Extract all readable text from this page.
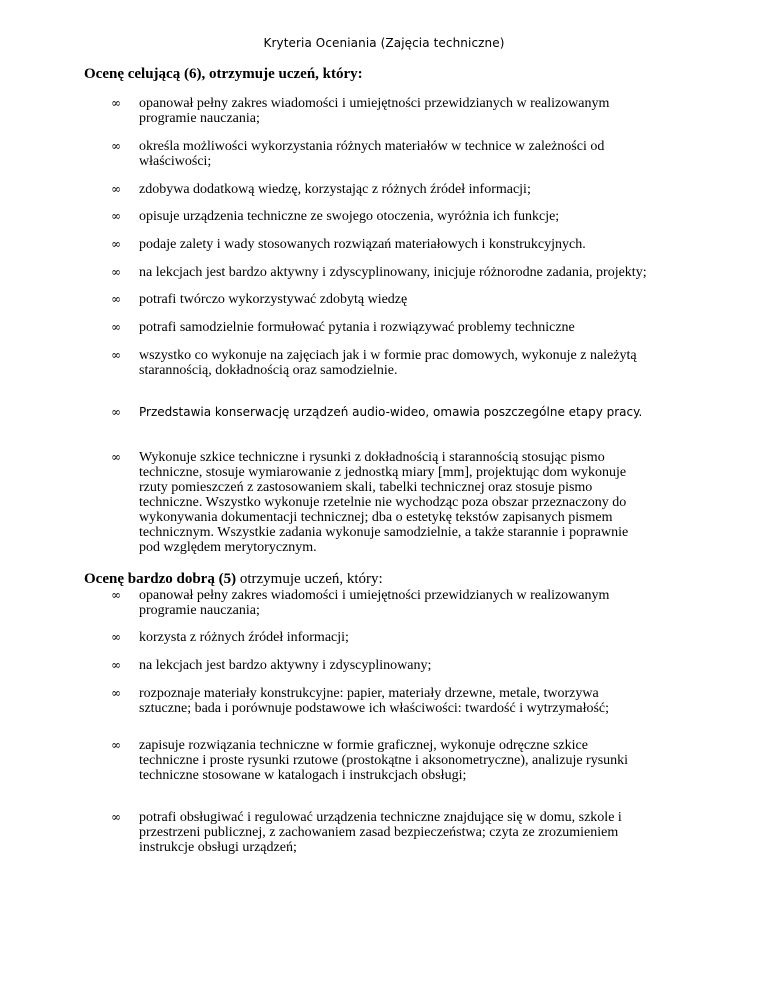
Kryteria Oceniania (Zajęcia techniczne)
Ocenę celującą (6), otrzymuje uczeń, który:
∞	opanował pełny zakres wiadomości i umiejętności przewidzianych w realizowanym programie nauczania;
∞	określa możliwości wykorzystania różnych materiałów w technice w zależności od właściwości;
∞	zdobywa dodatkową wiedzę, korzystając z różnych źródeł informacji;
∞	opisuje urządzenia techniczne ze swojego otoczenia, wyróżnia ich funkcje;
∞	podaje zalety i wady stosowanych rozwiązań materiałowych i konstrukcyjnych.
∞	na lekcjach jest bardzo aktywny i zdyscyplinowany, inicjuje różnorodne zadania, projekty;
∞	potrafi twórczo wykorzystywać zdobytą wiedzę
∞	potrafi samodzielnie formułować pytania i rozwiązywać problemy techniczne
∞	wszystko co wykonuje na zajęciach jak i w formie prac domowych, wykonuje z należytą starannością, dokładnością oraz samodzielnie.
∞	Przedstawia konserwację urządzeń audio-wideo, omawia poszczególne etapy pracy.
∞	Wykonuje szkice techniczne i rysunki z dokładnością i starannością stosując pismo techniczne, stosuje wymiarowanie z jednostką miary [mm], projektując dom wykonuje rzuty pomieszczeń z zastosowaniem skali, tabelki technicznej oraz stosuje pismo techniczne. Wszystko wykonuje rzetelnie nie wychodząc poza obszar przeznaczony do wykonywania dokumentacji technicznej; dba o estetykę tekstów zapisanych pismem technicznym. Wszystkie zadania wykonuje samodzielnie, a także starannie i poprawnie pod względem merytorycznym.
Ocenę bardzo dobrą (5) otrzymuje uczeń, który:
∞	opanował pełny zakres wiadomości i umiejętności przewidzianych w realizowanym programie nauczania;
∞	korzysta z różnych źródeł informacji;
∞	na lekcjach jest bardzo aktywny i zdyscyplinowany;
∞	rozpoznaje materiały konstrukcyjne: papier, materiały drzewne, metale, tworzywa sztuczne; bada i porównuje podstawowe ich właściwości: twardość i wytrzymałość;
∞	zapisuje rozwiązania techniczne w formie graficznej, wykonuje odręczne szkice techniczne i proste rysunki rzutowe (prostokątne i aksonometryczne), analizuje rysunki techniczne stosowane w katalogach i instrukcjach obsługi;
∞	potrafi obsługiwać i regulować urządzenia techniczne znajdujące się w domu, szkole i przestrzeni publicznej, z zachowaniem zasad bezpieczeństwa; czyta ze zrozumieniem instrukcje obsługi urządzeń;
